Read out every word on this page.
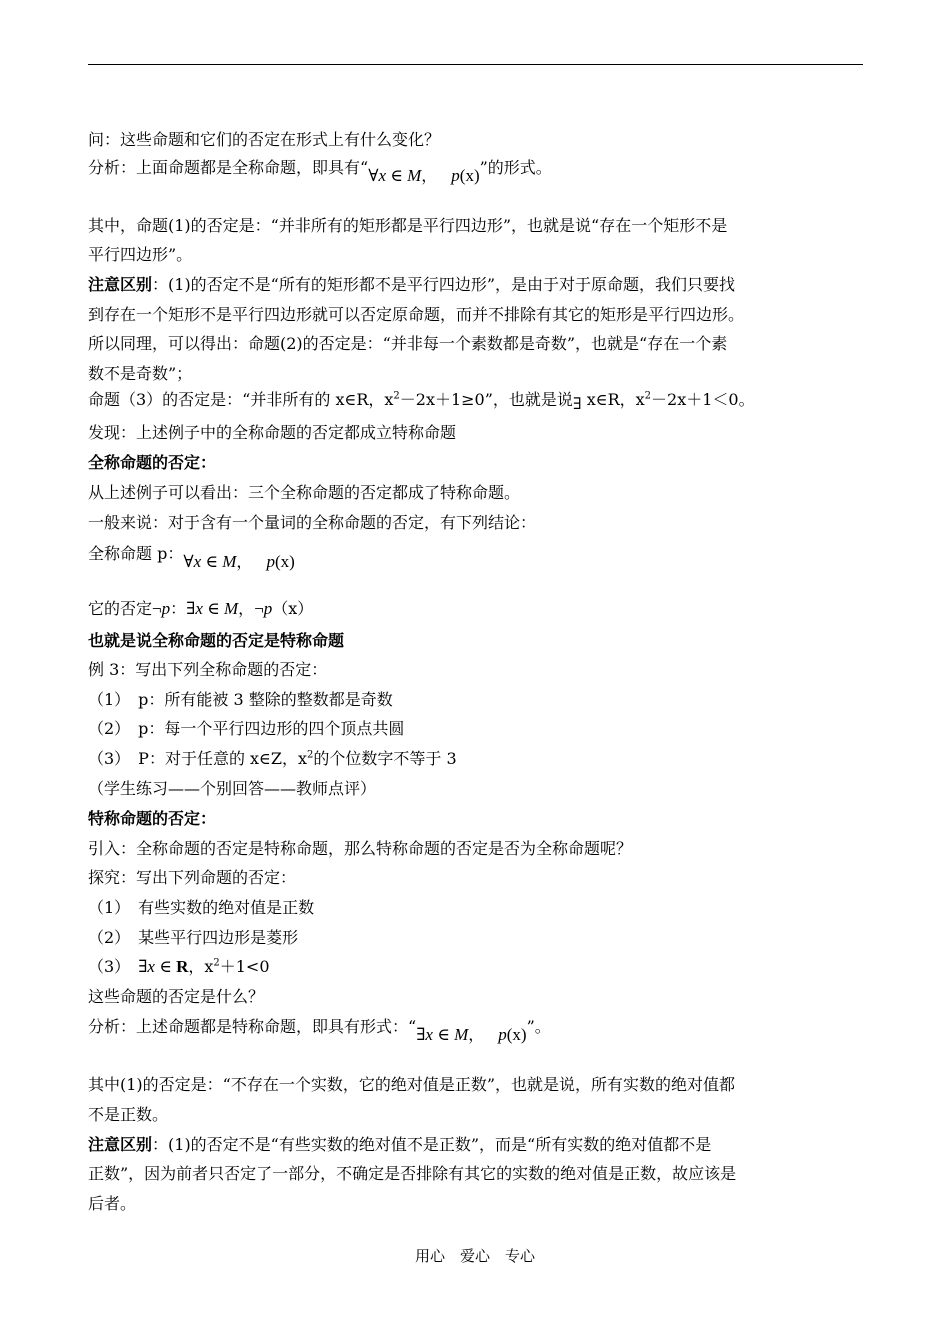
问：这些命题和它们的否定在形式上有什么变化？
分析：上面命题都是全称命题，即具有“∀x ∈ M， p(x)”的形式。
其中，命题(1)的否定是：“并非所有的矩形都是平行四边形”，也就是说“存在一个矩形不是
平行四边形”。
注意区别：(1)的否定不是“所有的矩形都不是平行四边形”，是由于对于原命题，我们只要找
到存在一个矩形不是平行四边形就可以否定原命题，而并不排除有其它的矩形是平行四边形。
所以同理，可以得出：命题(2)的否定是：“并非每一个素数都是奇数”，也就是“存在一个素
数不是奇数”；
命题（3）的否定是：“并非所有的 x∈R，$x^2-2x+1\ge 0$”，也就是说∃ x∈R，$x^2-2x+1<0$。
发现：上述例子中的全称命题的否定都成立特称命题
全称命题的否定：
从上述例子可以看出：三个全称命题的否定都成了特称命题。
一般来说：对于含有一个量词的全称命题的否定，有下列结论：
全称命题 p：∀x ∈ M， p(x)
它的否定¬p：∃x ∈ M，¬p（x）
也就是说全称命题的否定是特称命题
例 3：写出下列全称命题的否定：
（1）　p：所有能被 3 整除的整数都是奇数
（2）　p：每一个平行四边形的四个顶点共圆
（3）　P：对于任意的 x∈Z，$x^2$的个位数字不等于 3
（学生练习——个别回答——教师点评）
特称命题的否定：
引入：全称命题的否定是特称命题，那么特称命题的否定是否为全称命题呢？
探究：写出下列命题的否定：
（1）　有些实数的绝对值是正数
（2）　某些平行四边形是菱形
（3）　∃x ∈ R，$x^2+1<0$
这些命题的否定是什么？
分析：上述命题都是特称命题，即具有形式：“∃x ∈ M， p(x)”。
其中(1)的否定是：“不存在一个实数，它的绝对值是正数”，也就是说，所有实数的绝对值都
不是正数。
注意区别：(1)的否定不是“有些实数的绝对值不是正数”，而是“所有实数的绝对值都不是
正数”，因为前者只否定了一部分，不确定是否排除有其它的实数的绝对值是正数，故应该是
后者。
用心　爱心　专心
